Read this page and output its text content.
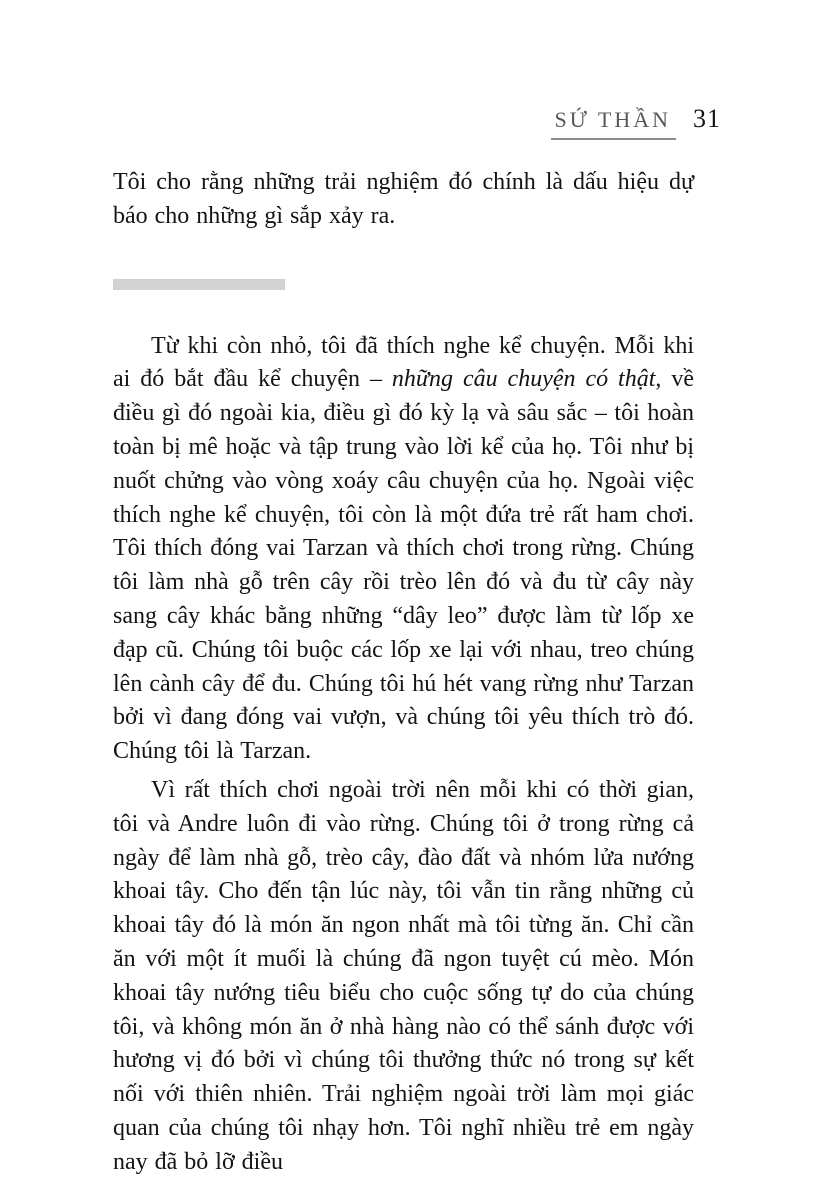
SỨ THẦN 31

Tôi cho rằng những trải nghiệm đó chính là dấu hiệu dự báo cho những gì sắp xảy ra.

Từ khi còn nhỏ, tôi đã thích nghe kể chuyện. Mỗi khi ai đó bắt đầu kể chuyện – những câu chuyện có thật, về điều gì đó ngoài kia, điều gì đó kỳ lạ và sâu sắc – tôi hoàn toàn bị mê hoặc và tập trung vào lời kể của họ. Tôi như bị nuốt chửng vào vòng xoáy câu chuyện của họ. Ngoài việc thích nghe kể chuyện, tôi còn là một đứa trẻ rất ham chơi. Tôi thích đóng vai Tarzan và thích chơi trong rừng. Chúng tôi làm nhà gỗ trên cây rồi trèo lên đó và đu từ cây này sang cây khác bằng những “dây leo” được làm từ lốp xe đạp cũ. Chúng tôi buộc các lốp xe lại với nhau, treo chúng lên cành cây để đu. Chúng tôi hú hét vang rừng như Tarzan bởi vì đang đóng vai vượn, và chúng tôi yêu thích trò đó. Chúng tôi là Tarzan.

Vì rất thích chơi ngoài trời nên mỗi khi có thời gian, tôi và Andre luôn đi vào rừng. Chúng tôi ở trong rừng cả ngày để làm nhà gỗ, trèo cây, đào đất và nhóm lửa nướng khoai tây. Cho đến tận lúc này, tôi vẫn tin rằng những củ khoai tây đó là món ăn ngon nhất mà tôi từng ăn. Chỉ cần ăn với một ít muối là chúng đã ngon tuyệt cú mèo. Món khoai tây nướng tiêu biểu cho cuộc sống tự do của chúng tôi, và không món ăn ở nhà hàng nào có thể sánh được với hương vị đó bởi vì chúng tôi thưởng thức nó trong sự kết nối với thiên nhiên. Trải nghiệm ngoài trời làm mọi giác quan của chúng tôi nhạy hơn. Tôi nghĩ nhiều trẻ em ngày nay đã bỏ lỡ điều
